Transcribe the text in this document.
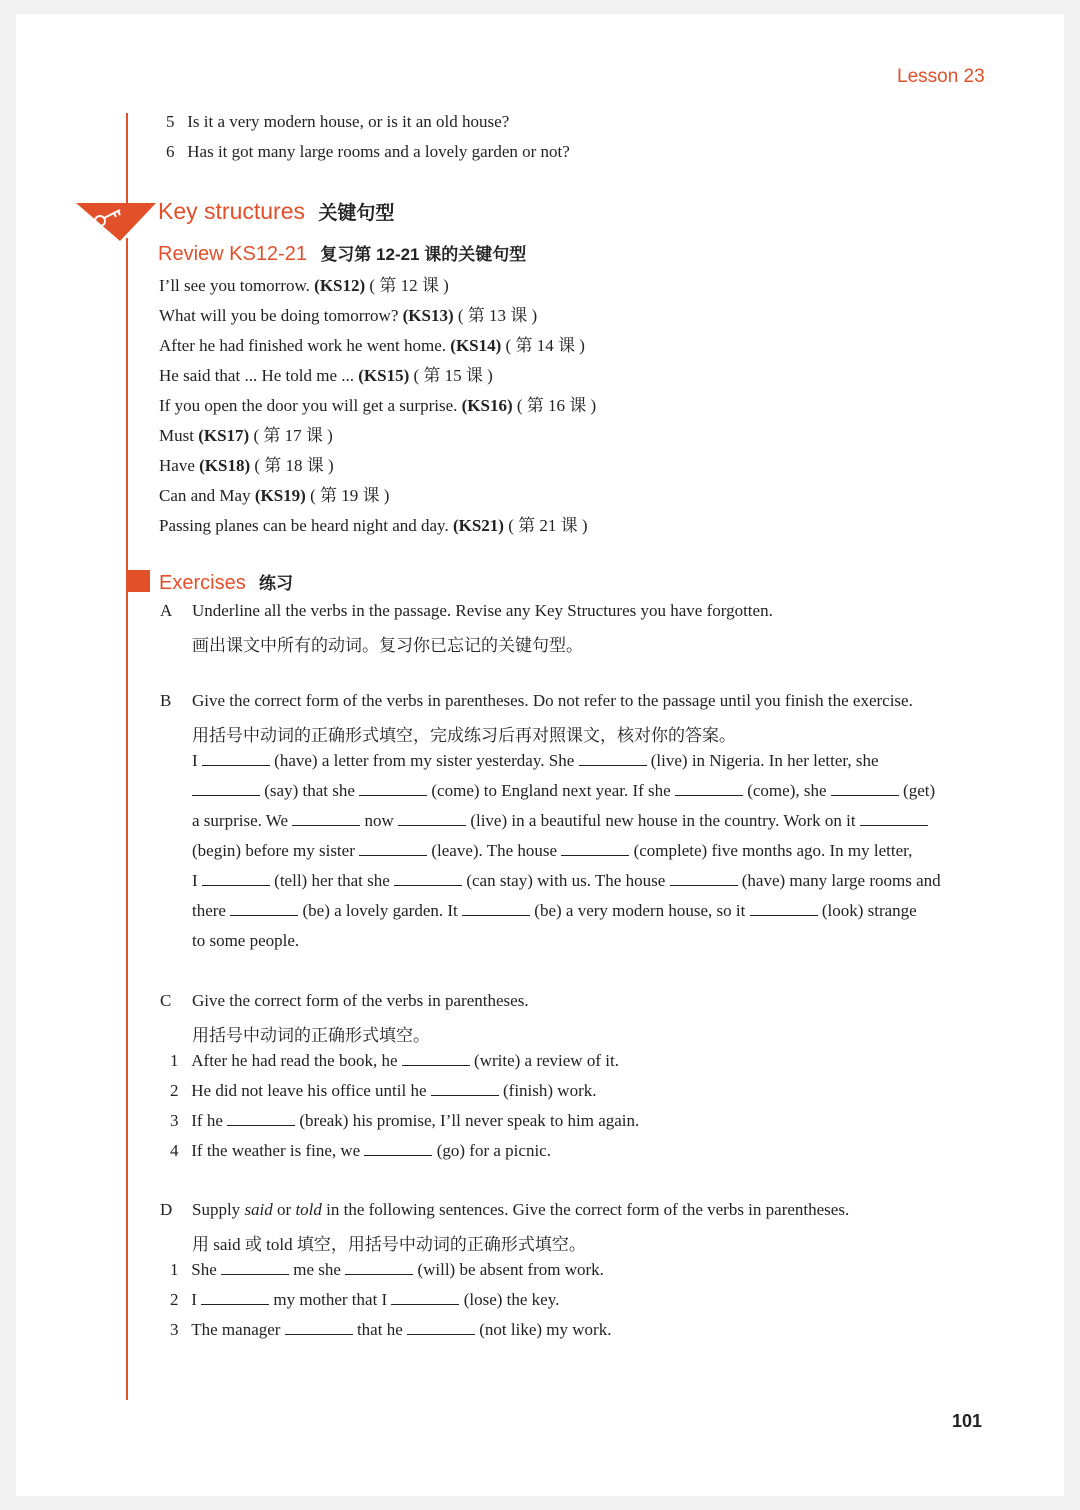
Lesson 23
5 Is it a very modern house, or is it an old house?
6 Has it got many large rooms and a lovely garden or not?
Key structures 关键句型
Review KS12-21 复习第 12-21 课的关键句型
I’ll see you tomorrow. (KS12) ( 第 12 课 )
What will you be doing tomorrow? (KS13) ( 第 13 课 )
After he had finished work he went home. (KS14) ( 第 14 课 )
He said that ... He told me ... (KS15) ( 第 15 课 )
If you open the door you will get a surprise. (KS16) ( 第 16 课 )
Must (KS17) ( 第 17 课 )
Have (KS18) ( 第 18 课 )
Can and May (KS19) ( 第 19 课 )
Passing planes can be heard night and day. (KS21) ( 第 21 课 )
Exercises 练习
A Underline all the verbs in the passage. Revise any Key Structures you have forgotten.
画出课文中所有的动词。复习你已忘记的关键句型。
B Give the correct form of the verbs in parentheses. Do not refer to the passage until you finish the exercise.
用括号中动词的正确形式填空，完成练习后再对照课文，核对你的答案。
I	(have) a letter from my sister yesterday. She	(live) in Nigeria. In her letter, she
(say) that she	(come) to England next year. If she	(come), she	(get)
a surprise. We	now	(live) in a beautiful new house in the country. Work on it
(begin) before my sister	(leave). The house	(complete) five months ago. In my letter,
I	(tell) her that she	(can stay) with us. The house	(have) many large rooms and
there	(be) a lovely garden. It	(be) a very modern house, so it	(look) strange
to some people.
C Give the correct form of the verbs in parentheses.
用括号中动词的正确形式填空。
1 After he had read the book, he	(write) a review of it.
2 He did not leave his office until he	(finish) work.
3 If he	(break) his promise, I’ll never speak to him again.
4 If the weather is fine, we	(go) for a picnic.
D Supply said or told in the following sentences. Give the correct form of the verbs in parentheses.
用 said 或 told 填空，用括号中动词的正确形式填空。
1 She	me she	(will) be absent from work.
2 I	my mother that I	(lose) the key.
3 The manager	that he	(not like) my work.
101
